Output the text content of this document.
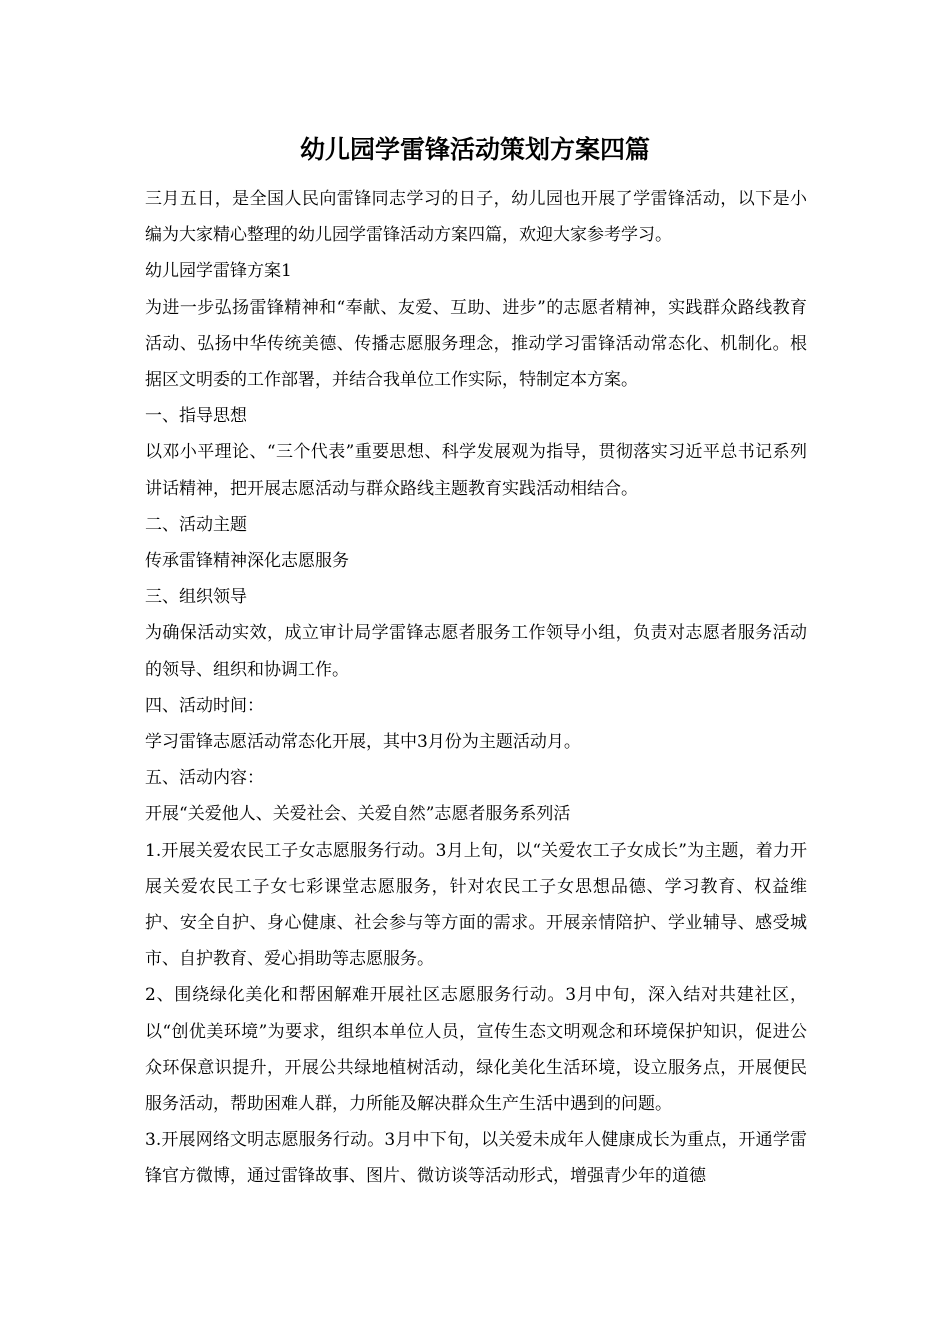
幼儿园学雷锋活动策划方案四篇

三月五日，是全国人民向雷锋同志学习的日子，幼儿园也开展了学雷锋活动，以下是小编为大家精心整理的幼儿园学雷锋活动方案四篇，欢迎大家参考学习。

幼儿园学雷锋方案1

为进一步弘扬雷锋精神和“奉献、友爱、互助、进步”的志愿者精神，实践群众路线教育活动、弘扬中华传统美德、传播志愿服务理念，推动学习雷锋活动常态化、机制化。根据区文明委的工作部署，并结合我单位工作实际，特制定本方案。

一、指导思想

以邓小平理论、“三个代表”重要思想、科学发展观为指导，贯彻落实习近平总书记系列讲话精神，把开展志愿活动与群众路线主题教育实践活动相结合。

二、活动主题

传承雷锋精神深化志愿服务

三、组织领导

为确保活动实效，成立审计局学雷锋志愿者服务工作领导小组，负责对志愿者服务活动的领导、组织和协调工作。

四、活动时间：

学习雷锋志愿活动常态化开展，其中3月份为主题活动月。

五、活动内容：

开展“关爱他人、关爱社会、关爱自然”志愿者服务系列活

1.开展关爱农民工子女志愿服务行动。3月上旬，以“关爱农工子女成长”为主题，着力开展关爱农民工子女七彩课堂志愿服务，针对农民工子女思想品德、学习教育、权益维护、安全自护、身心健康、社会参与等方面的需求。开展亲情陪护、学业辅导、感受城市、自护教育、爱心捐助等志愿服务。

2、围绕绿化美化和帮困解难开展社区志愿服务行动。3月中旬，深入结对共建社区，以“创优美环境”为要求，组织本单位人员，宣传生态文明观念和环境保护知识，促进公众环保意识提升，开展公共绿地植树活动，绿化美化生活环境，设立服务点，开展便民服务活动，帮助困难人群，力所能及解决群众生产生活中遇到的问题。

3.开展网络文明志愿服务行动。3月中下旬，以关爱未成年人健康成长为重点，开通学雷锋官方微博，通过雷锋故事、图片、微访谈等活动形式，增强青少年的道德
